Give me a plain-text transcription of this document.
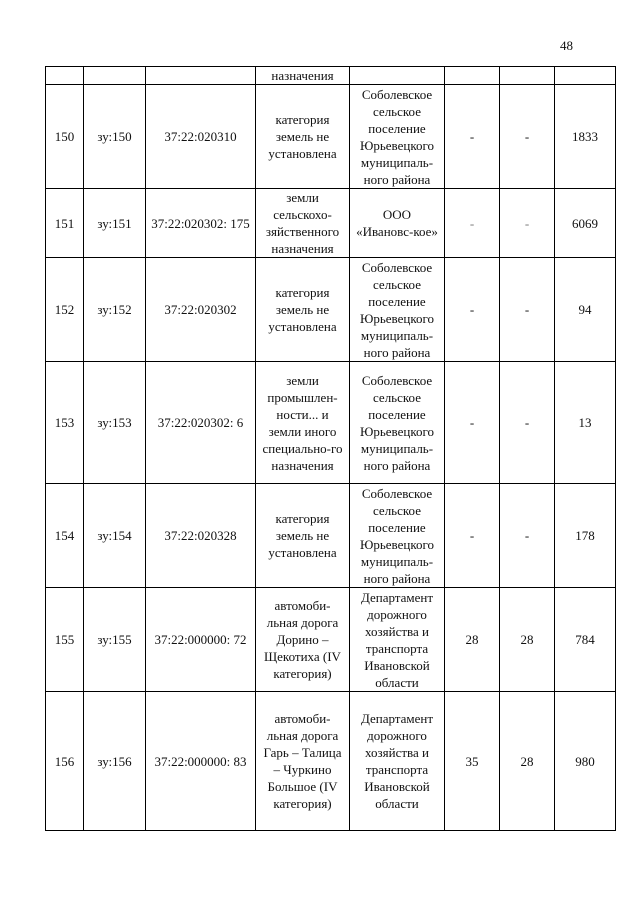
48
			назначения				
150	зу:150	37:22:020310	категория земель не установлена	Соболевское сельское поселение Юрьевецкого муниципаль-ного района	-	-	1833
151	зу:151	37:22:020302: 175	земли сельскохо-зяйственного назначения	ООО «Ивановс-кое»	-	-	6069
152	зу:152	37:22:020302	категория земель не установлена	Соболевское сельское поселение Юрьевецкого муниципаль-ного района	-	-	94
153	зу:153	37:22:020302: 6	земли промышлен-ности... и земли иного специально-го назначения	Соболевское сельское поселение Юрьевецкого муниципаль-ного района	-	-	13
154	зу:154	37:22:020328	категория земель не установлена	Соболевское сельское поселение Юрьевецкого муниципаль-ного района	-	-	178
155	зу:155	37:22:000000: 72	автомоби-льная дорога Дорино – Щекотиха (IV категория)	Департамент дорожного хозяйства и транспорта Ивановской области	28	28	784
156	зу:156	37:22:000000: 83	автомоби-льная дорога Гарь – Талица – Чуркино Большое (IV категория)	Департамент дорожного хозяйства и транспорта Ивановской области	35	28	980
